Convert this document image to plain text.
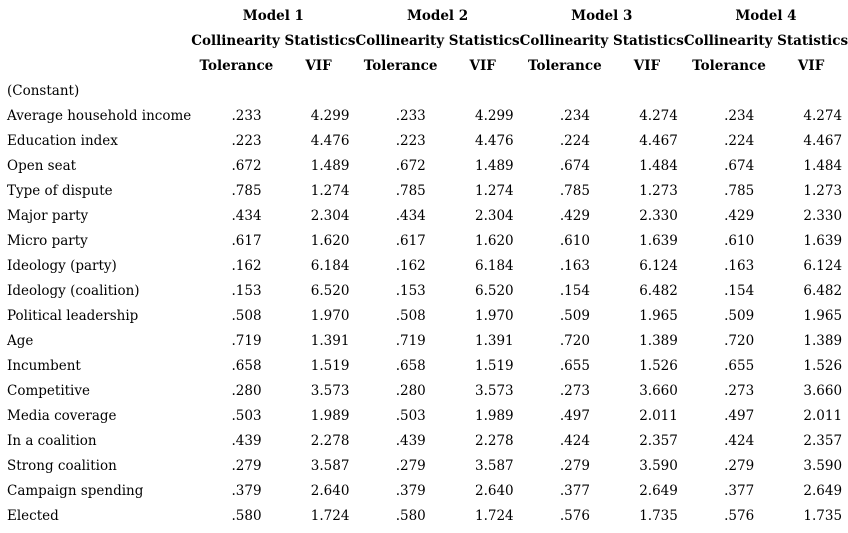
	Model 1		Model 2		Model 3		Model 4	
	Collinearity Statistics		Collinearity Statistics		Collinearity Statistics		Collinearity Statistics	
	Tolerance	VIF	Tolerance	VIF	Tolerance	VIF	Tolerance	VIF
(Constant)								
Average household income	.233	4.299	.233	4.299	.234	4.274	.234	4.274
Education index	.223	4.476	.223	4.476	.224	4.467	.224	4.467
Open seat	.672	1.489	.672	1.489	.674	1.484	.674	1.484
Type of dispute	.785	1.274	.785	1.274	.785	1.273	.785	1.273
Major party	.434	2.304	.434	2.304	.429	2.330	.429	2.330
Micro party	.617	1.620	.617	1.620	.610	1.639	.610	1.639
Ideology (party)	.162	6.184	.162	6.184	.163	6.124	.163	6.124
Ideology (coalition)	.153	6.520	.153	6.520	.154	6.482	.154	6.482
Political leadership	.508	1.970	.508	1.970	.509	1.965	.509	1.965
Age	.719	1.391	.719	1.391	.720	1.389	.720	1.389
Incumbent	.658	1.519	.658	1.519	.655	1.526	.655	1.526
Competitive	.280	3.573	.280	3.573	.273	3.660	.273	3.660
Media coverage	.503	1.989	.503	1.989	.497	2.011	.497	2.011
In a coalition	.439	2.278	.439	2.278	.424	2.357	.424	2.357
Strong coalition	.279	3.587	.279	3.587	.279	3.590	.279	3.590
Campaign spending	.379	2.640	.379	2.640	.377	2.649	.377	2.649
Elected	.580	1.724	.580	1.724	.576	1.735	.576	1.735
